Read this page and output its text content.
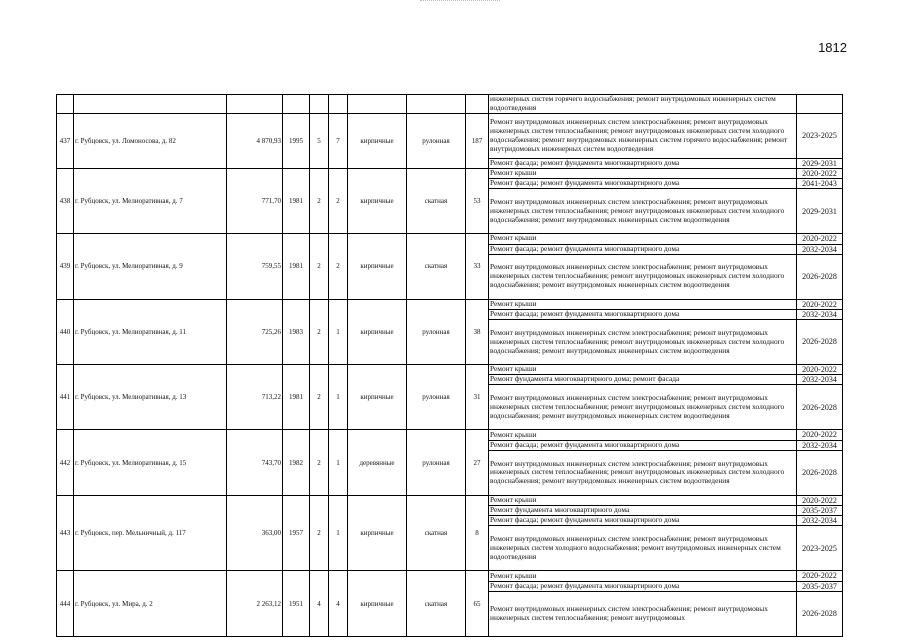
1812
									инженерных систем горячего водоснабжения; ремонт внутридомовых инженерных систем водоотведения	
437	г. Рубцовск, ул. Ломоносова, д. 82	4 870,93	1995	5	7	кирпичные	рулонная	187	Ремонт внутридомовых инженерных систем электроснабжения; ремонт внутридомовых инженерных систем теплоснабжения; ремонт внутридомовых инженерных систем холодного водоснабжения; ремонт внутридомовых инженерных систем горячего водоснабжения; ремонт внутридомовых инженерных систем водоотведения	2023-2025
									Ремонт фасада; ремонт фундамента многоквартирного дома	2029-2031
438	г. Рубцовск, ул. Мелиоративная, д. 7	771,70	1981	2	2	кирпичные	скатная	53	Ремонт крыши	2020-2022
									Ремонт фасада; ремонт фундамента многоквартирного дома	2041-2043
									Ремонт внутридомовых инженерных систем электроснабжения; ремонт внутридомовых инженерных систем теплоснабжения; ремонт внутридомовых инженерных систем холодного водоснабжения; ремонт внутридомовых инженерных систем водоотведения	2029-2031
439	г. Рубцовск, ул. Мелиоративная, д. 9	759,55	1981	2	2	кирпичные	скатная	33	Ремонт крыши	2020-2022
									Ремонт фасада; ремонт фундамента многоквартирного дома	2032-2034
									Ремонт внутридомовых инженерных систем электроснабжения; ремонт внутридомовых инженерных систем теплоснабжения; ремонт внутридомовых инженерных систем холодного водоснабжения; ремонт внутридомовых инженерных систем водоотведения	2026-2028
440	г. Рубцовск, ул. Мелиоративная, д. 11	725,26	1983	2	1	кирпичные	рулонная	38	Ремонт крыши	2020-2022
									Ремонт фасада; ремонт фундамента многоквартирного дома	2032-2034
									Ремонт внутридомовых инженерных систем электроснабжения; ремонт внутридомовых инженерных систем теплоснабжения; ремонт внутридомовых инженерных систем холодного водоснабжения; ремонт внутридомовых инженерных систем водоотведения	2026-2028
441	г. Рубцовск, ул. Мелиоративная, д. 13	713,22	1981	2	1	кирпичные	рулонная	31	Ремонт крыши	2020-2022
									Ремонт фундамента многоквартирного дома; ремонт фасада	2032-2034
									Ремонт внутридомовых инженерных систем электроснабжения; ремонт внутридомовых инженерных систем теплоснабжения; ремонт внутридомовых инженерных систем холодного водоснабжения; ремонт внутридомовых инженерных систем водоотведения	2026-2028
442	г. Рубцовск, ул. Мелиоративная, д. 15	743,70	1982	2	1	деревянные	рулонная	27	Ремонт крыши	2020-2022
									Ремонт фасада; ремонт фундамента многоквартирного дома	2032-2034
									Ремонт внутридомовых инженерных систем электроснабжения; ремонт внутридомовых инженерных систем теплоснабжения; ремонт внутридомовых инженерных систем холодного водоснабжения; ремонт внутридомовых инженерных систем водоотведения	2026-2028
443	г. Рубцовск, пер. Мельничный, д. 117	363,00	1957	2	1	кирпичные	скатная	8	Ремонт крыши	2020-2022
									Ремонт фундамента многоквартирного дома	2035-2037
									Ремонт фасада; ремонт фундамента многоквартирного дома	2032-2034
									Ремонт внутридомовых инженерных систем электроснабжения; ремонт внутридомовых инженерных систем холодного водоснабжения; ремонт внутридомовых инженерных систем водоотведения	2023-2025
444	г. Рубцовск, ул. Мира, д. 2	2 263,12	1951	4	4	кирпичные	скатная	65	Ремонт крыши	2020-2022
									Ремонт фасада; ремонт фундамента многоквартирного дома	2035-2037
									Ремонт внутридомовых инженерных систем электроснабжения; ремонт внутридомовых инженерных систем теплоснабжения; ремонт внутридомовых	2026-2028
